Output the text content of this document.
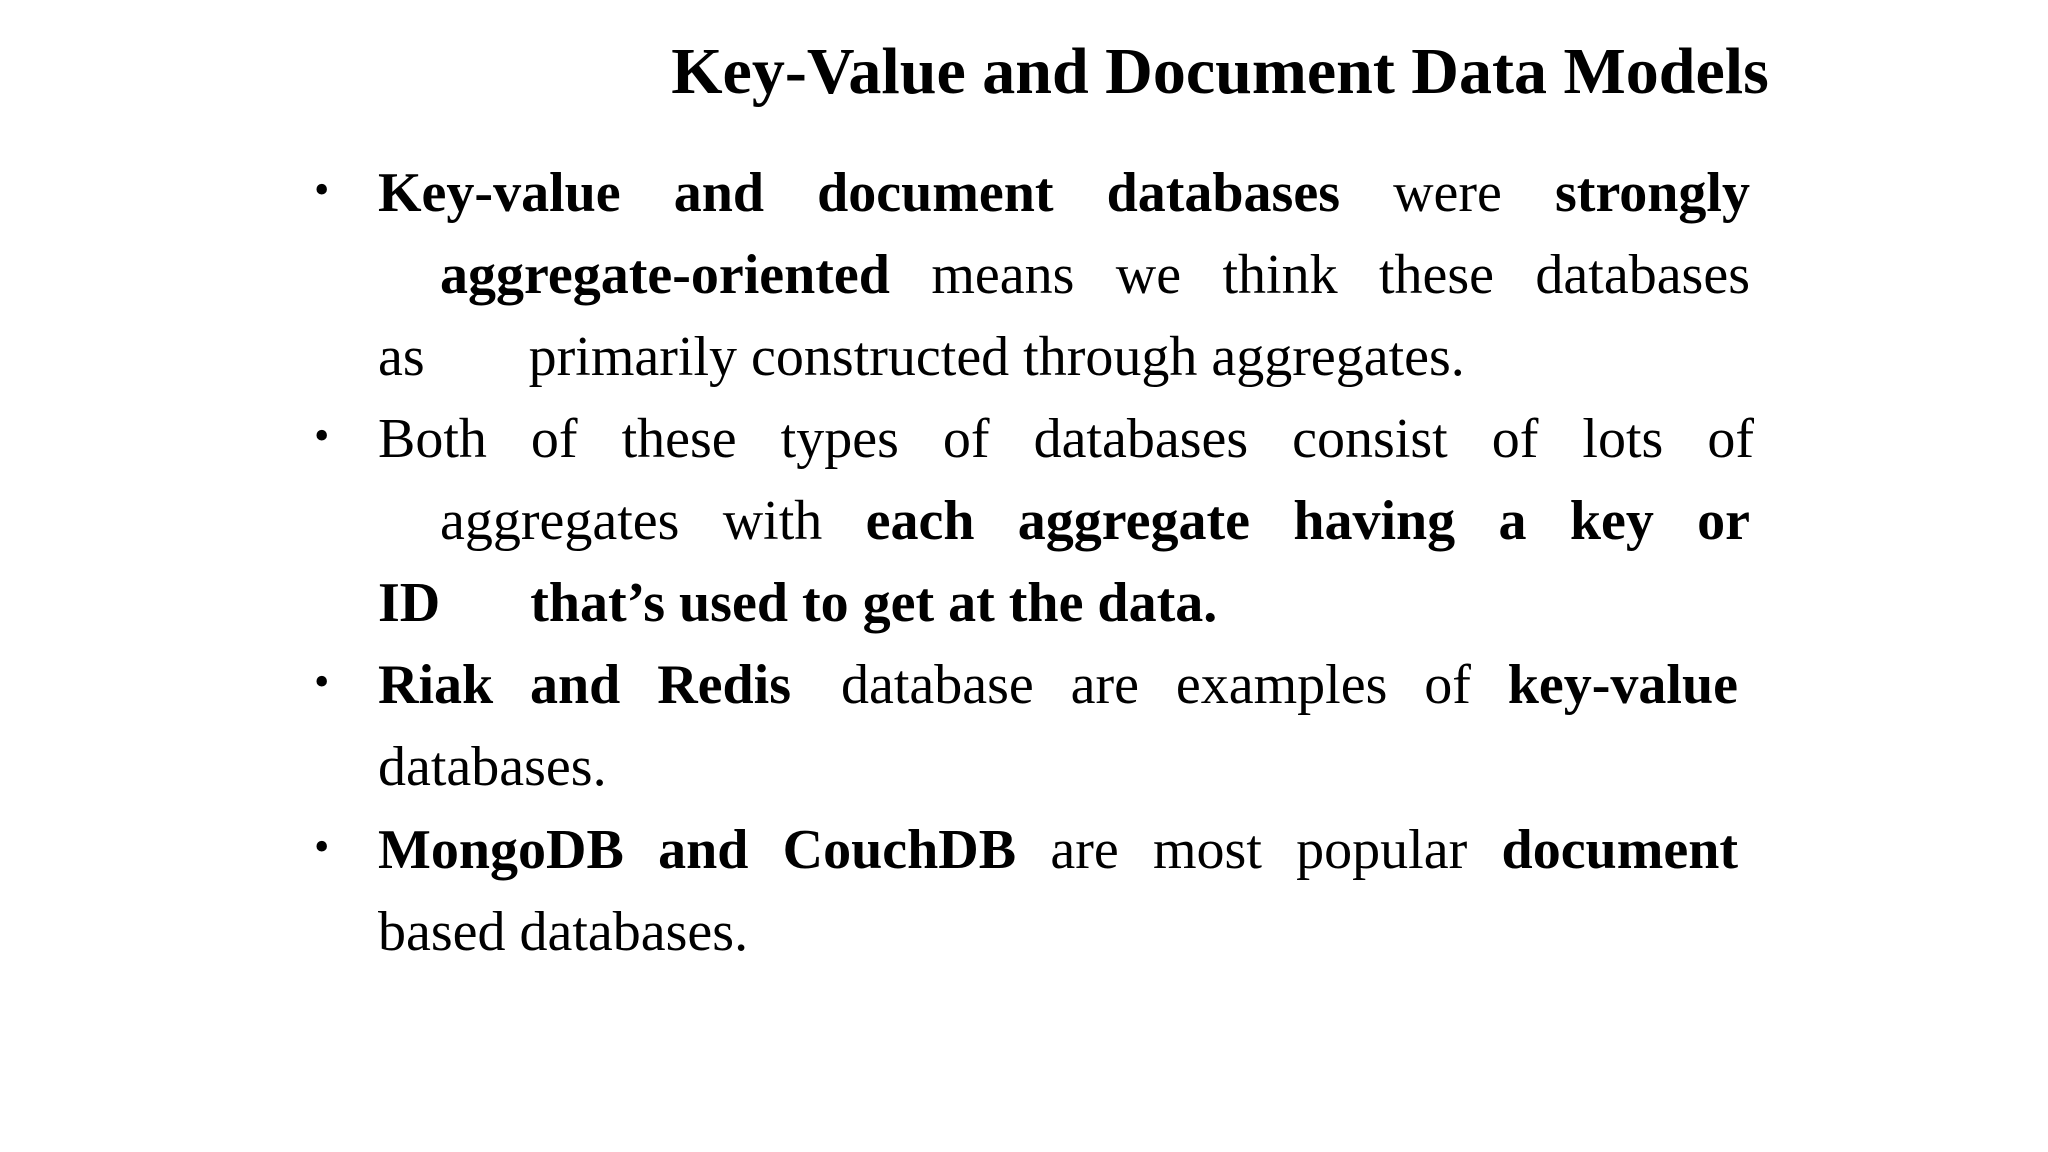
Key-Value and Document Data Models
• Key-value and document databases were strongly
aggregate-oriented means we think these databases
as primarily constructed through aggregates.
• Both of these types of databases consist of lots of
aggregates with each aggregate having a key or
ID that’s used to get at the data.
• Riak and Redis database are examples of key-value
databases.
• MongoDB and CouchDB are most popular document
based databases.
